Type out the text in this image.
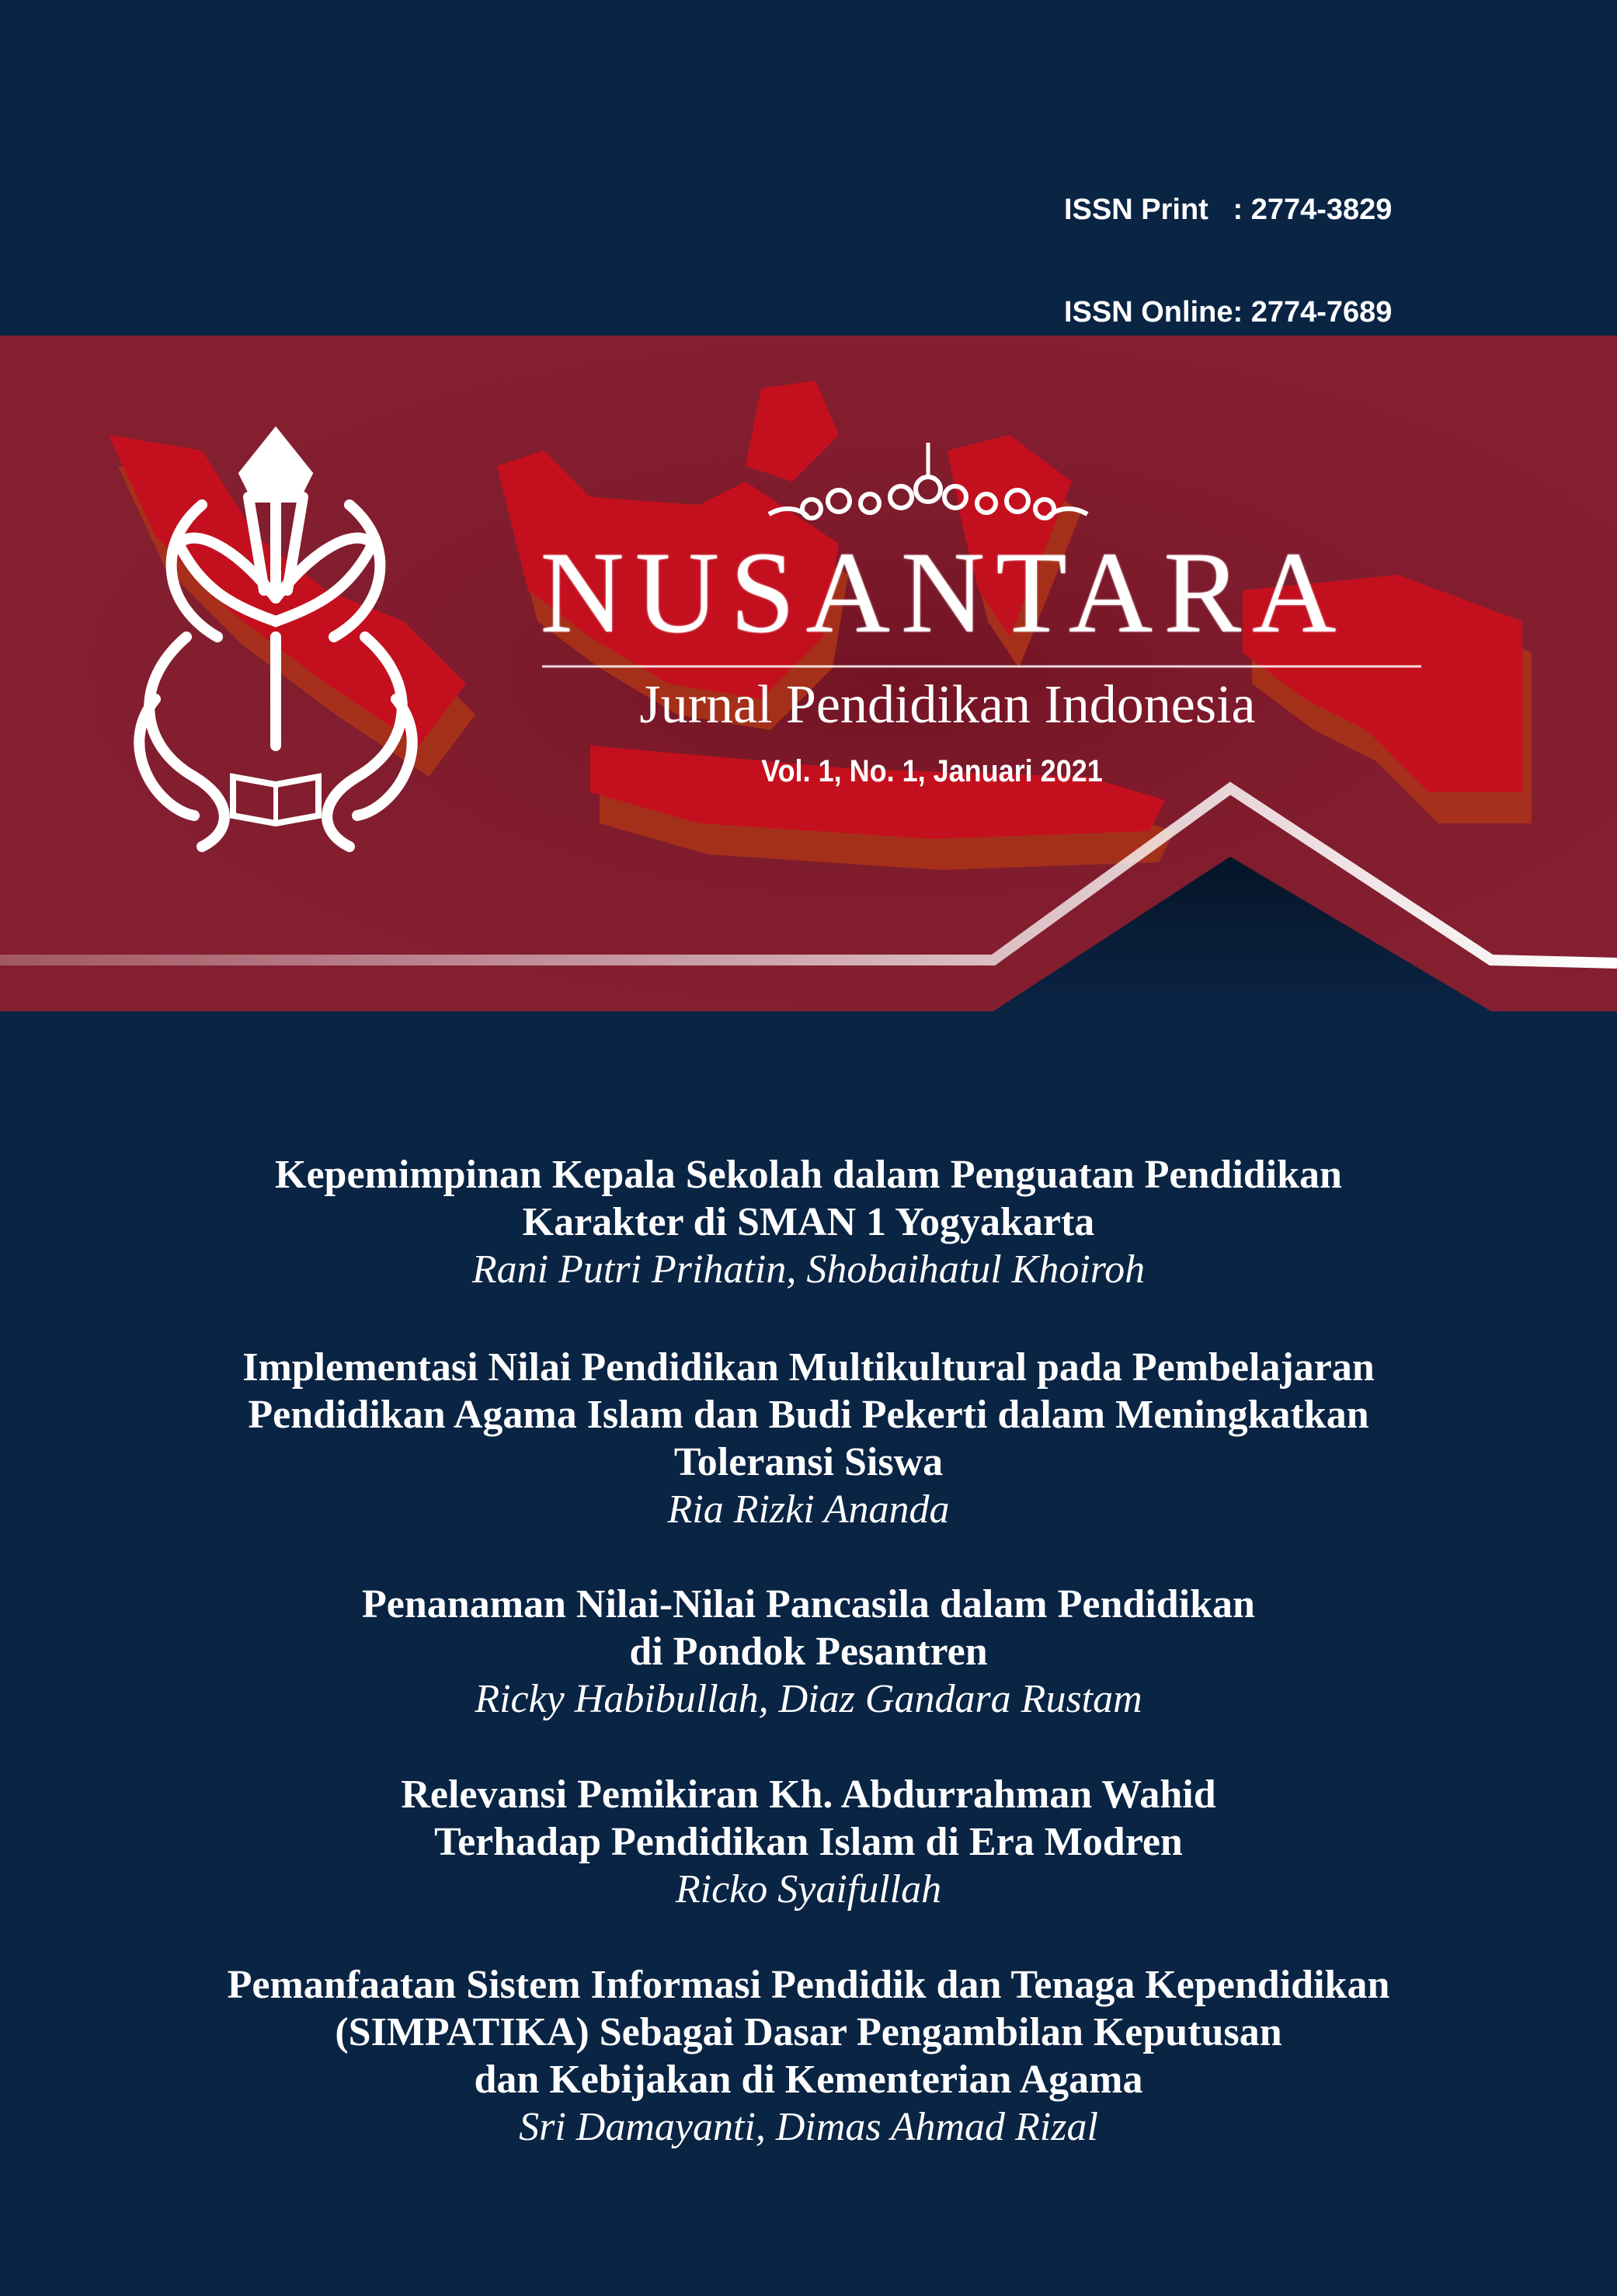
ISSN Print   : 2774-3829

ISSN Online: 2774-7689

NUSANTARA
Jurnal Pendidikan Indonesia
Vol. 1, No. 1, Januari 2021
Kepemimpinan Kepala Sekolah dalam Penguatan Pendidikan
Karakter di SMAN 1 Yogyakarta
Rani Putri Prihatin, Shobaihatul Khoiroh
Implementasi Nilai Pendidikan Multikultural pada Pembelajaran
Pendidikan Agama Islam dan Budi Pekerti dalam Meningkatkan
Toleransi Siswa
Ria Rizki Ananda
Penanaman Nilai-Nilai Pancasila dalam Pendidikan
di Pondok Pesantren
Ricky Habibullah, Diaz Gandara Rustam
Relevansi Pemikiran Kh. Abdurrahman Wahid
Terhadap Pendidikan Islam di Era Modren
Ricko Syaifullah
Pemanfaatan Sistem Informasi Pendidik dan Tenaga Kependidikan
(SIMPATIKA) Sebagai Dasar Pengambilan Keputusan
dan Kebijakan di Kementerian Agama
Sri Damayanti, Dimas Ahmad Rizal
